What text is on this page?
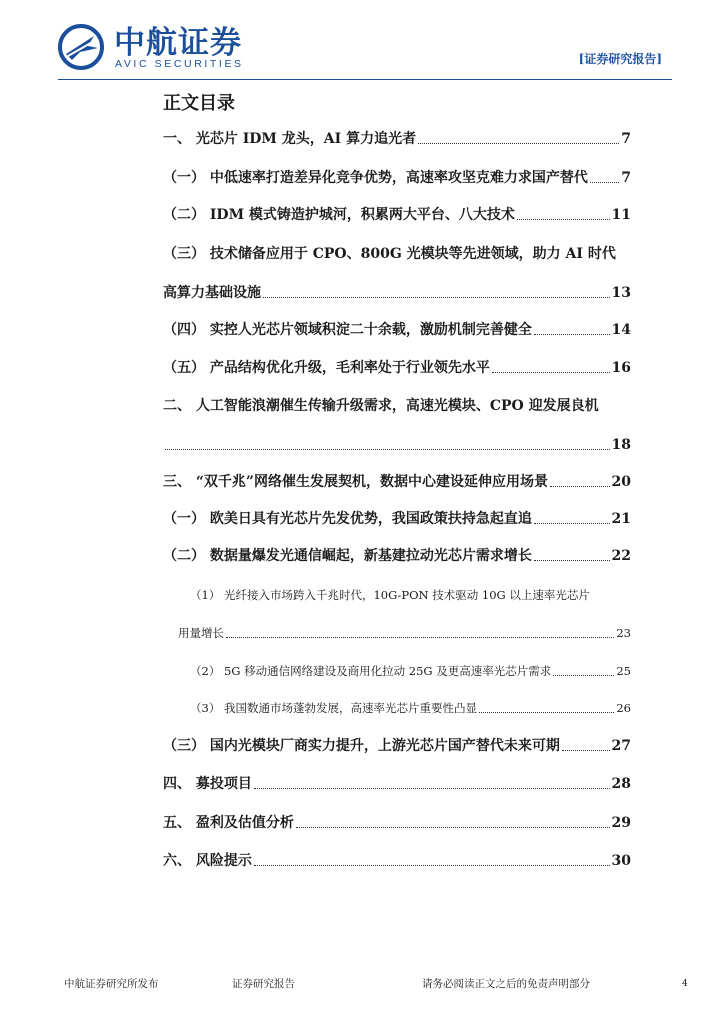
中航证券
AVIC SECURITIES	[证券研究报告]
正文目录
一、 光芯片 IDM 龙头，AI 算力追光者	7
（一） 中低速率打造差异化竞争优势，高速率攻坚克难力求国产替代 7
（二） IDM 模式铸造护城河，积累两大平台、八大技术	11
（三） 技术储备应用于 CPO、800G 光模块等先进领域，助力 AI 时代
高算力基础设施	13
（四） 实控人光芯片领域积淀二十余载，激励机制完善健全	14
（五） 产品结构优化升级，毛利率处于行业领先水平	16
二、 人工智能浪潮催生传输升级需求，高速光模块、CPO 迎发展良机
18
三、 “双千兆”网络催生发展契机，数据中心建设延伸应用场景	20
（一） 欧美日具有光芯片先发优势，我国政策扶持急起直追	21
（二） 数据量爆发光通信崛起，新基建拉动光芯片需求增长	22
（1） 光纤接入市场跨入千兆时代，10G-PON 技术驱动 10G 以上速率光芯片
用量增长	23
（2） 5G 移动通信网络建设及商用化拉动 25G 及更高速率光芯片需求	25
（3） 我国数通市场蓬勃发展，高速率光芯片重要性凸显	26
（三） 国内光模块厂商实力提升，上游光芯片国产替代未来可期	27
四、 募投项目	28
五、 盈利及估值分析	29
六、 风险提示	30
中航证券研究所发布	证券研究报告	请务必阅读正文之后的免责声明部分	4
